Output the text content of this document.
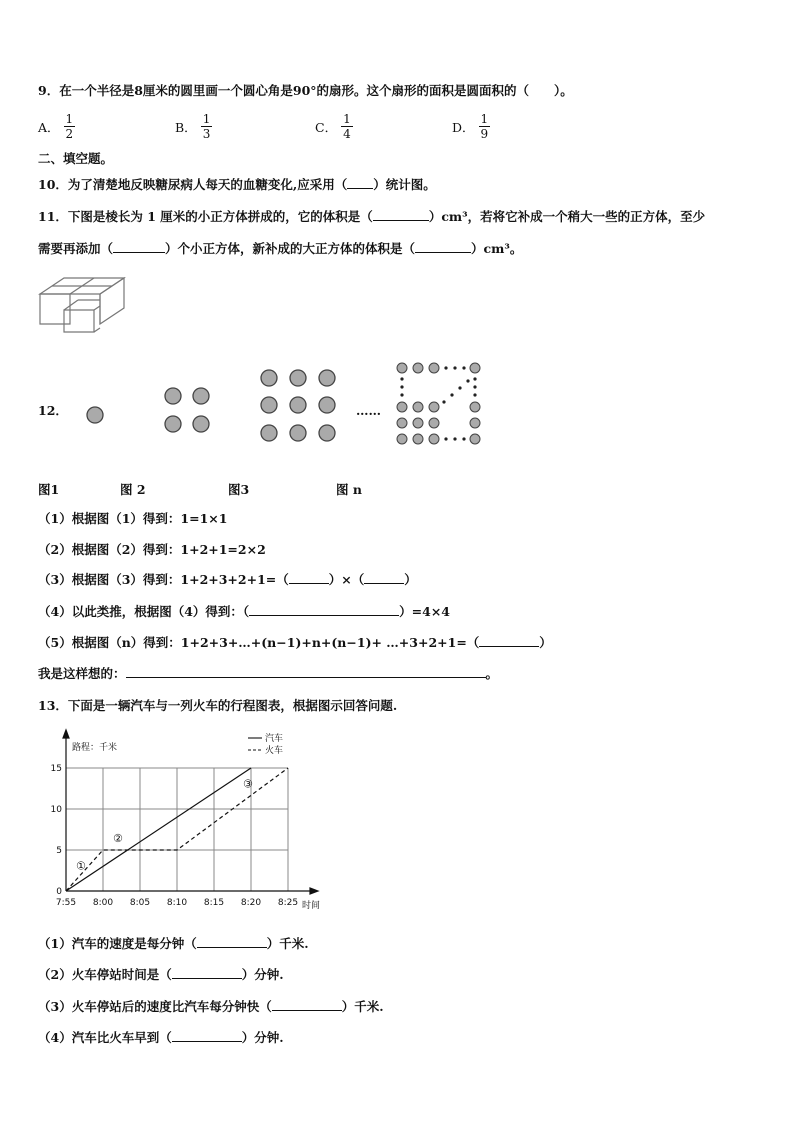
9．在一个半径是8厘米的圆里画一个圆心角是90°的扇形。这个扇形的面积是圆面积的（　　）。
A． $\frac{1}{2}$	B． $\frac{1}{3}$	C． $\frac{1}{4}$	D． $\frac{1}{9}$
二、填空题。
10．为了清楚地反映糖尿病人每天的血糖变化,应采用（ ）统计图。
11．下图是棱长为 1 厘米的小正方体拼成的，它的体积是（	）cm³，若将它补成一个稍大一些的正方体，至少
需要再添加（	）个小正方体，新补成的大正方体的体积是（	）cm³。
12．	……
图1	图 2	图3	图 n
（1）根据图（1）得到：1=1×1
（2）根据图（2）得到：1+2+1=2×2
（3）根据图（3）得到：1+2+3+2+1=（	）×（	）
（4）以此类推，根据图（4）得到：（	）=4×4
（5）根据图（n）得到：1+2+3+…+(n−1)+n+(n−1)+ …+3+2+1=（	）
我是这样想的：	。
13．下面是一辆汽车与一列火车的行程图表，根据图示回答问题.
7:55 8:00 8:05 8:10 8:15 8:20 8:25
0
5
10
15
路程：千米
时间
汽车
火车
①
②
③
（1）汽车的速度是每分钟（	）千米.
（2）火车停站时间是（	）分钟.
（3）火车停站后的速度比汽车每分钟快（	）千米.
（4）汽车比火车早到（	）分钟.
